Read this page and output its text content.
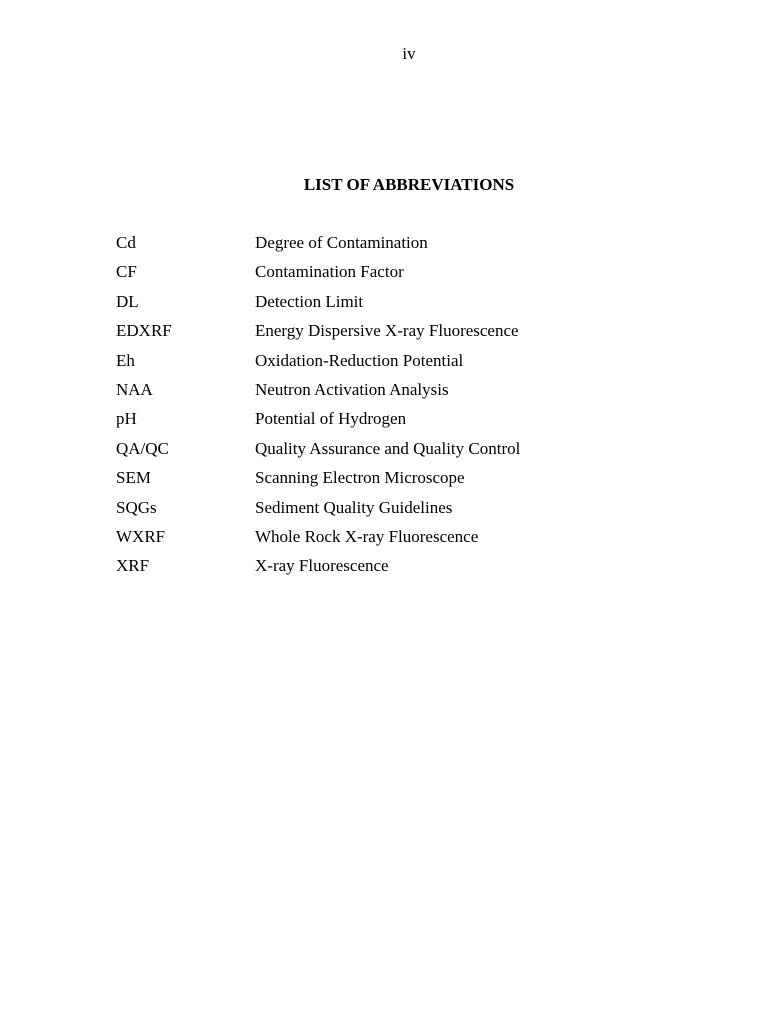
iv
LIST OF ABBREVIATIONS
Cd	Degree of Contamination
CF	Contamination Factor
DL	Detection Limit
EDXRF	Energy Dispersive X-ray Fluorescence
Eh	Oxidation-Reduction Potential
NAA	Neutron Activation Analysis
pH	Potential of Hydrogen
QA/QC	Quality Assurance and Quality Control
SEM	Scanning Electron Microscope
SQGs	Sediment Quality Guidelines
WXRF	Whole Rock X-ray Fluorescence
XRF	X-ray Fluorescence
